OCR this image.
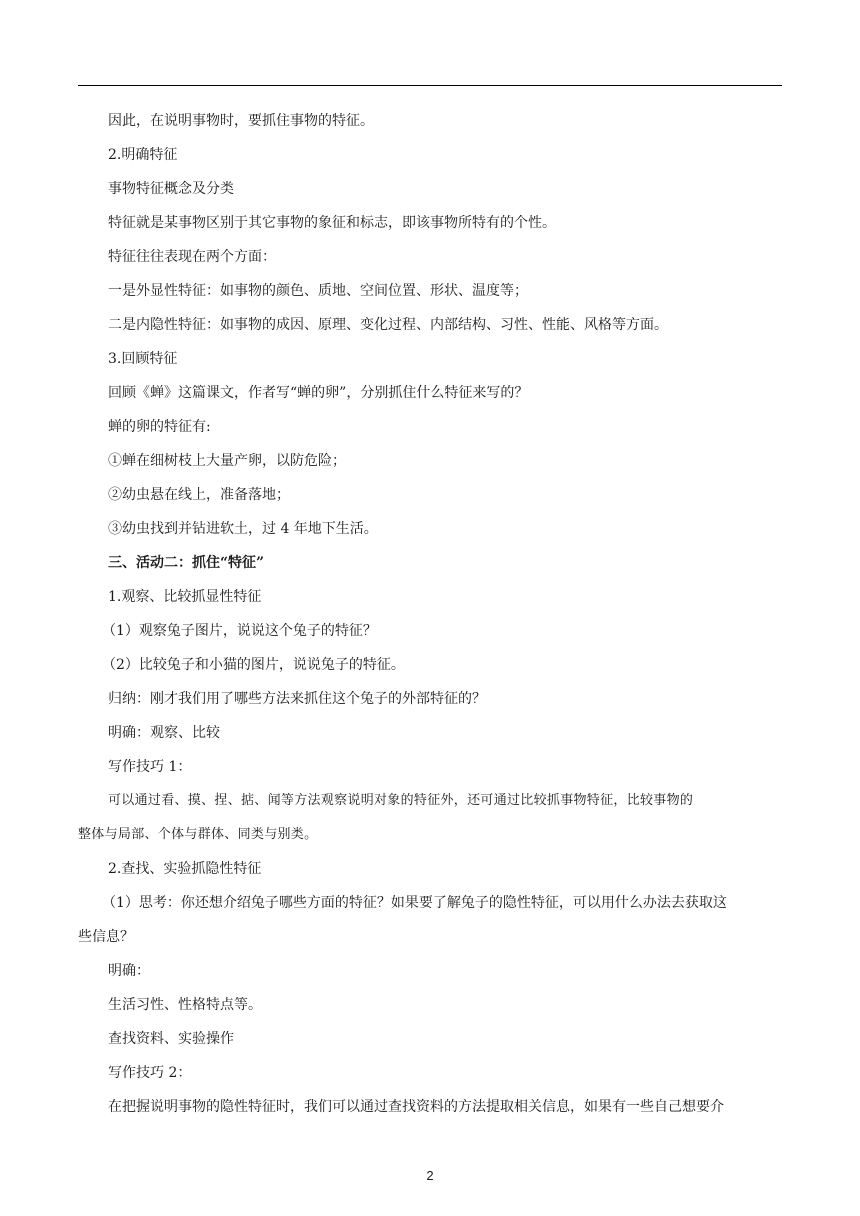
因此，在说明事物时，要抓住事物的特征。
2.明确特征
事物特征概念及分类
特征就是某事物区别于其它事物的象征和标志，即该事物所特有的个性。
特征往往表现在两个方面：
一是外显性特征：如事物的颜色、质地、空间位置、形状、温度等；
二是内隐性特征：如事物的成因、原理、变化过程、内部结构、习性、性能、风格等方面。
3.回顾特征
回顾《蝉》这篇课文，作者写“蝉的卵”，分别抓住什么特征来写的？
蝉的卵的特征有:
①蝉在细树枝上大量产卵，以防危险；
②幼虫悬在线上，准备落地；
③幼虫找到并钻进软土，过 4 年地下生活。
三、活动二：抓住“特征”
1.观察、比较抓显性特征
（1）观察兔子图片，说说这个兔子的特征？
（2）比较兔子和小猫的图片，说说兔子的特征。
归纳：刚才我们用了哪些方法来抓住这个兔子的外部特征的？
明确：观察、比较
写作技巧 1：
可以通过看、摸、捏、掂、闻等方法观察说明对象的特征外，还可通过比较抓事物特征，比较事物的
整体与局部、个体与群体、同类与别类。
2.查找、实验抓隐性特征
（1）思考：你还想介绍兔子哪些方面的特征？如果要了解兔子的隐性特征，可以用什么办法去获取这
些信息？
明确：
生活习性、性格特点等。
查找资料、实验操作
写作技巧 2：
在把握说明事物的隐性特征时，我们可以通过查找资料的方法提取相关信息，如果有一些自己想要介
2
